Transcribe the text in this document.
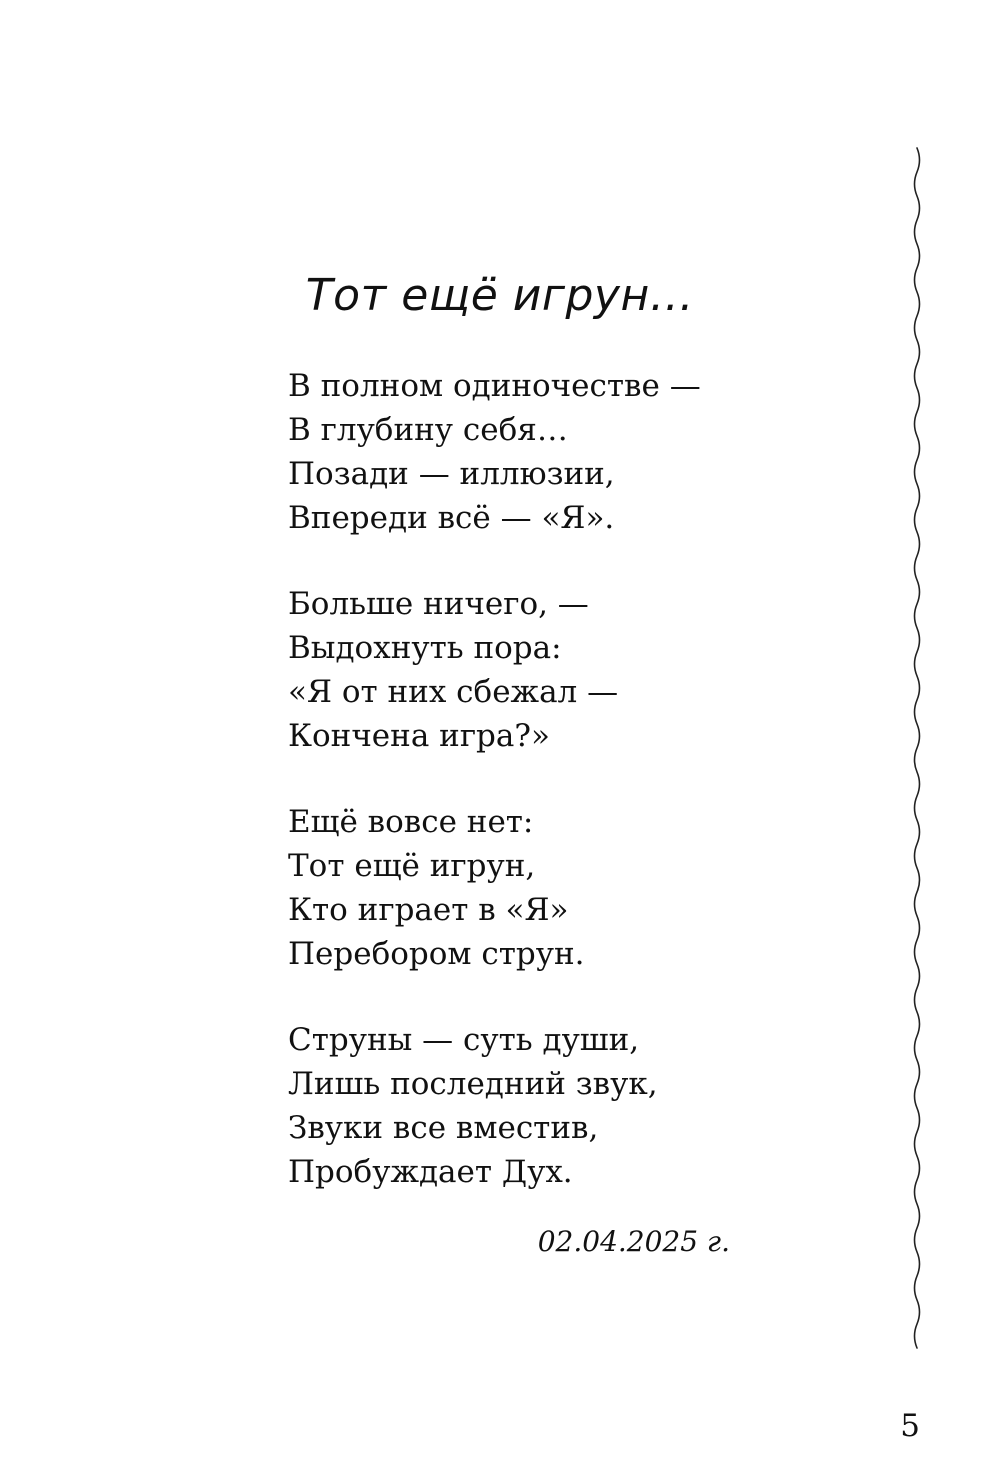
Тот ещё игрун…
В полном одиночестве —
В глубину себя…
Позади — иллюзии,
Впереди всё — «Я».
Больше ничего, —
Выдохнуть пора:
«Я от них сбежал —
Кончена игра?»
Ещё вовсе нет:
Тот ещё игрун,
Кто играет в «Я»
Перебором струн.
Струны — суть души,
Лишь последний звук,
Звуки все вместив,
Пробуждает Дух.
02.04.2025 г.
5
